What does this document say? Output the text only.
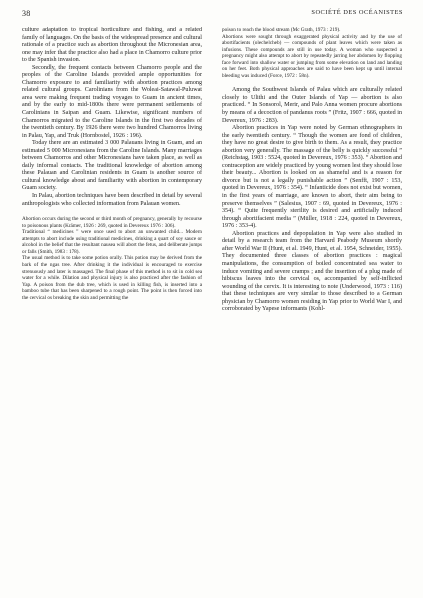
38	SOCIÉTÉ DES OCÉANISTES

culture adaptation to tropical horticulture and fishing, and a related family of languages. On the basis of the widespread presence and cultural rationale of a practice such as abortion throughout the Micronesian area, one may infer that the practice also had a place in Chamorro culture prior to the Spanish invasion.

Secondly, the frequent contacts between Chamorro people and the peoples of the Caroline Islands provided ample opportunities for Chamorro exposure to and familiarity with abortion practices among related cultural groups. Carolinians from the Woleai-Satawal-Puluwat area were making frequent trading voyages to Guam in ancient times, and by the early to mid-1800s there were permanent settlements of Carolinians in Saipan and Guam. Likewise, significant numbers of Chamorros migrated to the Caroline Islands in the first two decades of the twentieth century. By 1926 there were two hundred Chamorros living in Palau, Yap, and Truk (Hornbostel, 1926 : 196).

Today there are an estimated 3 000 Palauans living in Guam, and an estimated 5 000 Micronesians from the Caroline Islands. Many marriages between Chamorros and other Micronesians have taken place, as well as daily informal contacts. The traditional knowledge of abortion among these Palauan and Carolinian residents in Guam is another source of cultural knowledge about and familiarity with abortion in contemporary Guam society.

In Palau, abortion techniques have been described in detail by several anthropologists who collected information from Palauan women.

Abortion occurs during the second or third month of pregnancy, generally by recourse to poisonous plants (Krämer, 1926 : 269, quoted in Devereux 1976 : 306).

Traditional “ medicines ” were once used to abort an unwanted child... Modern attempts to abort include using traditional medicines, drinking a quart of soy sauce or alcohol in the belief that the resultant nausea will abort the fetus, and deliberate jumps or falls (Smith, 1983 : 178).

The usual method is to take some potion orally. This potion may be derived from the bark of the ngas tree. After drinking it the individual is encouraged to exercise strenuously and later is massaged. The final phase of this method is to sit in cold sea water for a while. Dilation and physical injury is also practiced after the fashion of Yap. A poison from the dub tree, which is used in killing fish, is inserted into a bamboo tube that has been sharpened to a rough point. The point is then forced into the cervical os breaking the skin and permitting the

poison to reach the blood stream (Mc Grath, 1973 : 219).

Abortions were sought through exaggerated physical activity and by the use of abortifacients (olechelcheb) — compounds of plant leaves which were taken as infusions. These compounds are still in use today. A woman who suspected a pregnancy might also attempt to abort by repeatedly jarring her abdomen by flopping face forward into shallow water or jumping from some elevation on land and landing on her feet. Both physical approaches are said to have been kept up until internal bleeding was induced (Force, 1972 : 58n).

Among the Southwest Islands of Palau which are culturally related closely to Ulithi and the Outer Islands of Yap — abortion is also practiced. “ In Sonsorol, Merir, and Palo Anna women procure abortions by means of a decoction of pandanus roots ” (Fritz, 1907 : 666, quoted in Devereux, 1976 : 283).

Abortion practices in Yap were noted by German ethnographers in the early twentieth century. “ Though the women are fond of children, they have no great desire to give birth to them. As a result, they practice abortion very generally. The massage of the belly is quickly successful ” (Reichstag, 1903 : 5524, quoted in Devereux, 1976 : 353). “ Abortion and contraception are widely practiced by young women lest they should lose their beauty... Abortion is looked on as shameful and is a reason for divorce but is not a legally punishable action ” (Senfft, 1907 : 153, quoted in Devereux, 1976 : 354). “ Infanticide does not exist but women, in the first years of marriage, are known to abort, their aim being to preserve themselves ” (Salesius, 1907 : 69, quoted in Devereux, 1976 : 354). “ Quite frequently sterility is desired and artificially induced through abortifacient media ” (Müller, 1918 : 224, quoted in Devereux, 1976 : 353-4).

Abortion practices and depopulation in Yap were also studied in detail by a research team from the Harvard Peabody Museum shortly after World War II (Hunt, et al. 1949, Hunt, et al. 1954, Schneider, 1955). They documented three classes of abortion practices : magical manipulations, the consumption of boiled concentrated sea water to induce vomiting and severe cramps ; and the insertion of a plug made of hibiscus leaves into the cervical os, accompanied by self-inflicted wounding of the cervix. It is interesting to note (Underwood, 1973 : 116) that these techniques are very similar to those described to a German physician by Chamorro women residing in Yap prior to World War I, and corroborated by Yapese informants (Kohl-
